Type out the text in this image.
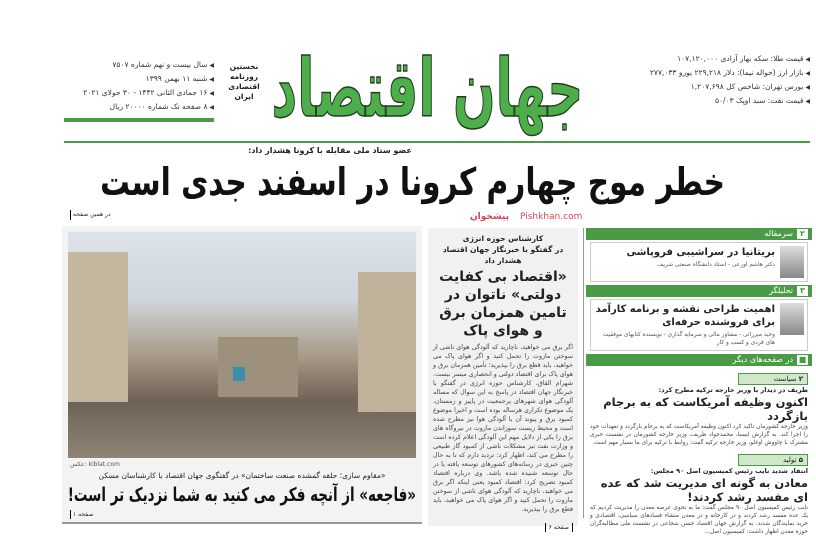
◀ سال بیست و نهم شماره ۷۵۰۷
◀ شنبه ۱۱ بهمن ۱۳۹۹
◀ ۱۶ جمادی الثانی ۱۴۴۲ - ۳۰ جولای ۲۰۲۱
◀ ۸ صفحه تک شماره ۲۰۰۰۰ ریال جهان اقتصاد
نخستین روزنامه اقتصادی ایران
◀ قیمت طلا: سکه بهار آزادی ۱۰۷,۱۲۰,۰۰۰
◀ بازار ارز (حواله نیما): دلار ۲۲۹,۲۱۸ یورو ۲۷۷,۰۳۳
◀ بورس تهران: شاخص کل ۱,۲۰۷,۶۹۸
◀ قیمت نفت: سبد اوپک ۵۰/۰۳
عضو ستاد ملی مقابله با کرونا هشدار داد:
خطر موج چهارم کرونا در اسفند جدی است
پیشخوان Pishkhan.com
در همین صفحه
عکس: kiblat.com
«مقاوم سازی؛ حلقه گمشده صنعت ساختمان» در گفتگوی جهان اقتصاد با کارشناسان مسکن
«فاجعه» از آنچه فکر می کنید به شما نزدیک تر است!
صفحه ۱
کارشناس حوزه انرژی
در گفتگو با خبرنگار جهان اقتصاد هشدار داد
«اقتصاد بی کفایت دولتی» ناتوان در تامین همزمان برق و هوای پاک
اگر برق می خواهید، ناچارید که آلودگی هوای ناشی از سوختن مازوت را تحمل کنید و اگر هوای پاک می خواهید، باید قطع برق را بپذیرید؛ تأمین همزمان برق و هوای پاک برای اقتصاد دولتی و انحصاری میسر نیست. شهرام القاق، کارشناس حوزه انرژی در گفتگو با خبرنگار جهان اقتصاد در پاسخ به این سوال که مساله آلودگی هوای شهرهای پرجمعیت در پاییز و زمستان، یک موضوع تکراری هرساله بوده است و اخیرا موضوع کمبود برق و پیوند آن با آلودگی هوا نیز مطرح شده است و محیط زیست سوزاندن مازوت در نیروگاه های برق را یکی از دلایل مهم این آلودگی اعلام کرده است و وزارت نفت نیز مشکلات ناشی از کمبود گاز طبیعی را مطرح می کند، اظهار کرد: تردید دارم که تا به حال چنین خبری در رسانه‌های کشورهای توسعه یافته یا در حال توسعه شنیده شده باشد. وی درباره اقتصاد کمبود تصریح کرد: اقتصاد کمبود یعنی اینکه اگر برق می خواهید، ناچارید که آلودگی هوای ناشی از سوختن مازوت را تحمل کنید و اگر هوای پاک می خواهید، باید قطع برق را بپذیرید.
صفحه ۶
۲
سرمقاله
بریتانیا در سراشیبی فروپاشی
دکتر هاشم اورعی - استاد دانشگاه صنعتی شریف
۳
تحلیلگر
اهمیت طراحی نقشه و برنامه کارآمد برای فروشنده حرفه‌ای
وحید میرزائی - مشاور مالی و سرمایه گذاری - نویسنده کتابهای موفقیت های فردی و کسب و کار
■
در صفحه‌های دیگر
۲ سیاست
ظریف در دیدار با وزیر خارجه ترکیه مطرح کرد:
اکنون وظیفه آمریکاست که به برجام بازگردد
وزیر خارجه کشورمان تاکید کرد اکنون وظیفه آمریکاست که به برجام بازگردد و تعهدات خود را اجرا کند. به گزارش ایسنا، محمدجواد ظریف، وزیر خارجه کشورمان در نشست خبری مشترک با چاووش اوغلو، وزیر خارجه ترکیه گفت: روابط با ترکیه برای ما بسیار مهم است.
۵ تولید
انتقاد شدید نایب رئیس کمیسیون اصل ۹۰ مجلس:
معادن به گونه ای مدیریت شد که عده ای مفسد رشد کردند!
نایب رئیس کمیسیون اصل ۹۰ مجلس گفت: ما به نحوی عرصه معدن را مدیریت کردیم که یک عده مفسد رشد کردند و در کارخانه و در معدن منشاء فسادهای سیاسی، اقتصادی و خرید نمایندگان شدند. به گزارش جهان اقتصاد حسن شجاعی در نشست ملی مطالبه‌گران حوزه معدن اظهار داشت: کمیسیون اصل...
